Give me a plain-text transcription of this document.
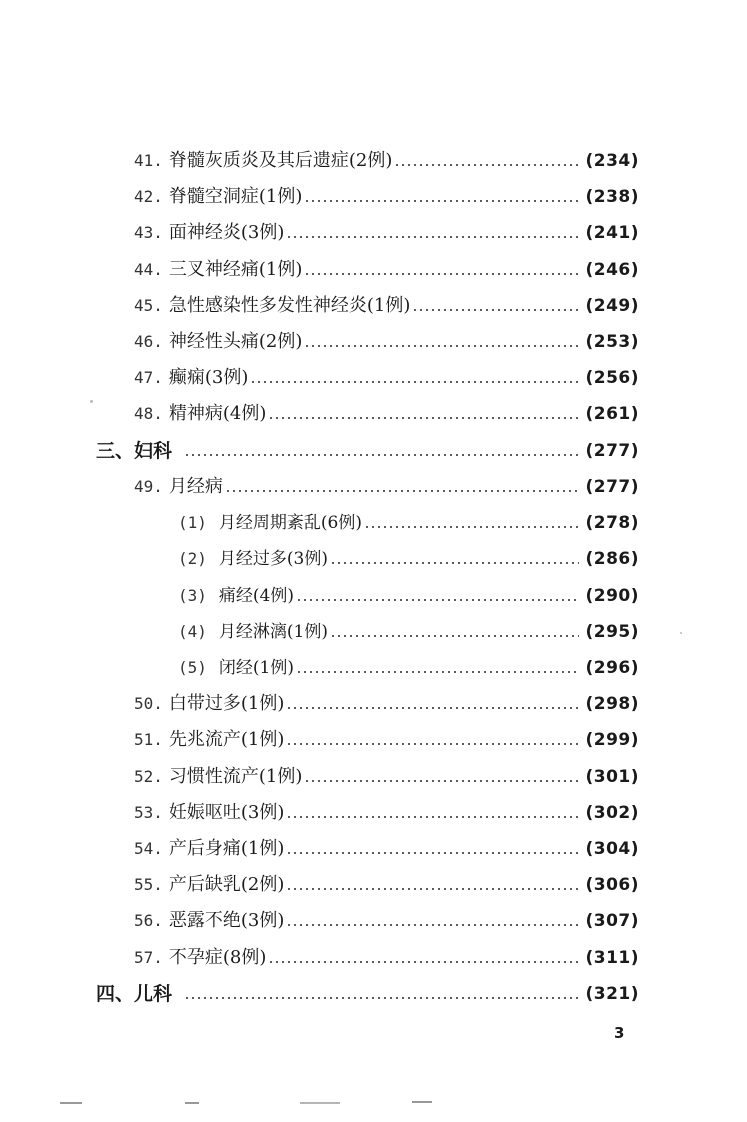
41. 脊髓灰质炎及其后遗症(2例)	(234)
42. 脊髓空洞症(1例)	(238)
43. 面神经炎(3例)	(241)
44. 三叉神经痛(1例)	(246)
45. 急性感染性多发性神经炎(1例)	(249)
46. 神经性头痛(2例)	(253)
47. 癫痫(3例)	(256)
48. 精神病(4例)	(261)
三、妇科	(277)
49. 月经病	(277)
(1) 月经周期紊乱(6例)	(278)
(2) 月经过多(3例)	(286)
(3) 痛经(4例)	(290)
(4) 月经淋漓(1例)	(295)
(5) 闭经(1例)	(296)
50. 白带过多(1例)	(298)
51. 先兆流产(1例)	(299)
52. 习惯性流产(1例)	(301)
53. 妊娠呕吐(3例)	(302)
54. 产后身痛(1例)	(304)
55. 产后缺乳(2例)	(306)
56. 恶露不绝(3例)	(307)
57. 不孕症(8例)	(311)
四、儿科	(321)
3
